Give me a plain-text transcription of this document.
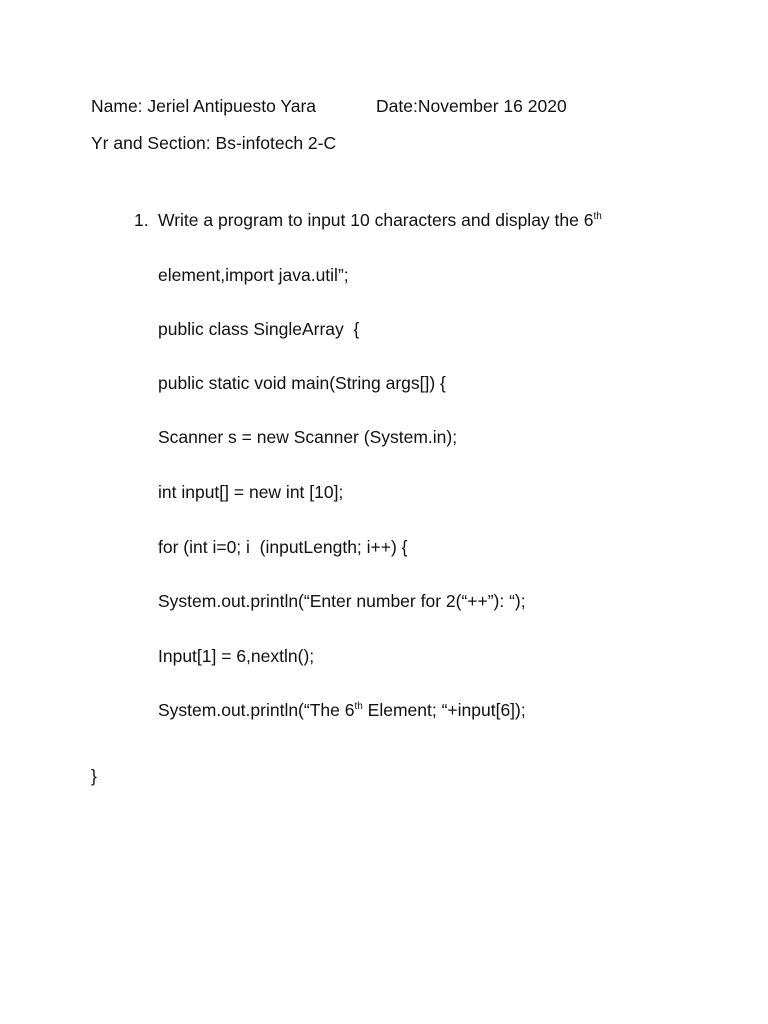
Name: Jeriel Antipuesto Yara	Date:November 16 2020
Yr and Section: Bs-infotech 2-C
1. Write a program to input 10 characters and display the 6th
element,import java.util”;
public class SingleArray  {
public static void main(String args[]) {
Scanner s = new Scanner (System.in);
int input[] = new int [10];
for (int i=0; i  (inputLength; i++) {
System.out.println(“Enter number for 2(“++”): “);
Input[1] = 6,nextln();
System.out.println(“The 6th Element; “+input[6]);
}
